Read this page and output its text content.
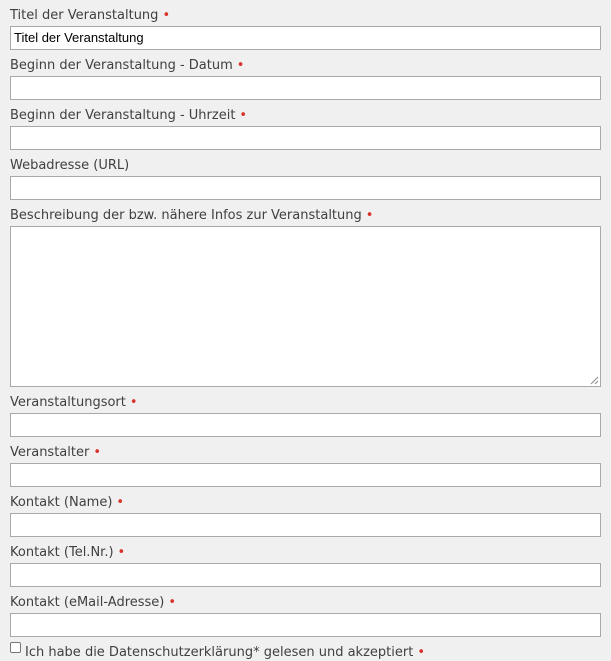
Titel der Veranstaltung •
Titel der Veranstaltung
Beginn der Veranstaltung - Datum •
Beginn der Veranstaltung - Uhrzeit •
Webadresse (URL)
Beschreibung der bzw. nähere Infos zur Veranstaltung •
Veranstaltungsort •
Veranstalter •
Kontakt (Name) •
Kontakt (Tel.Nr.) •
Kontakt (eMail-Adresse) •
Ich habe die Datenschutzerklärung* gelesen und akzeptiert •
